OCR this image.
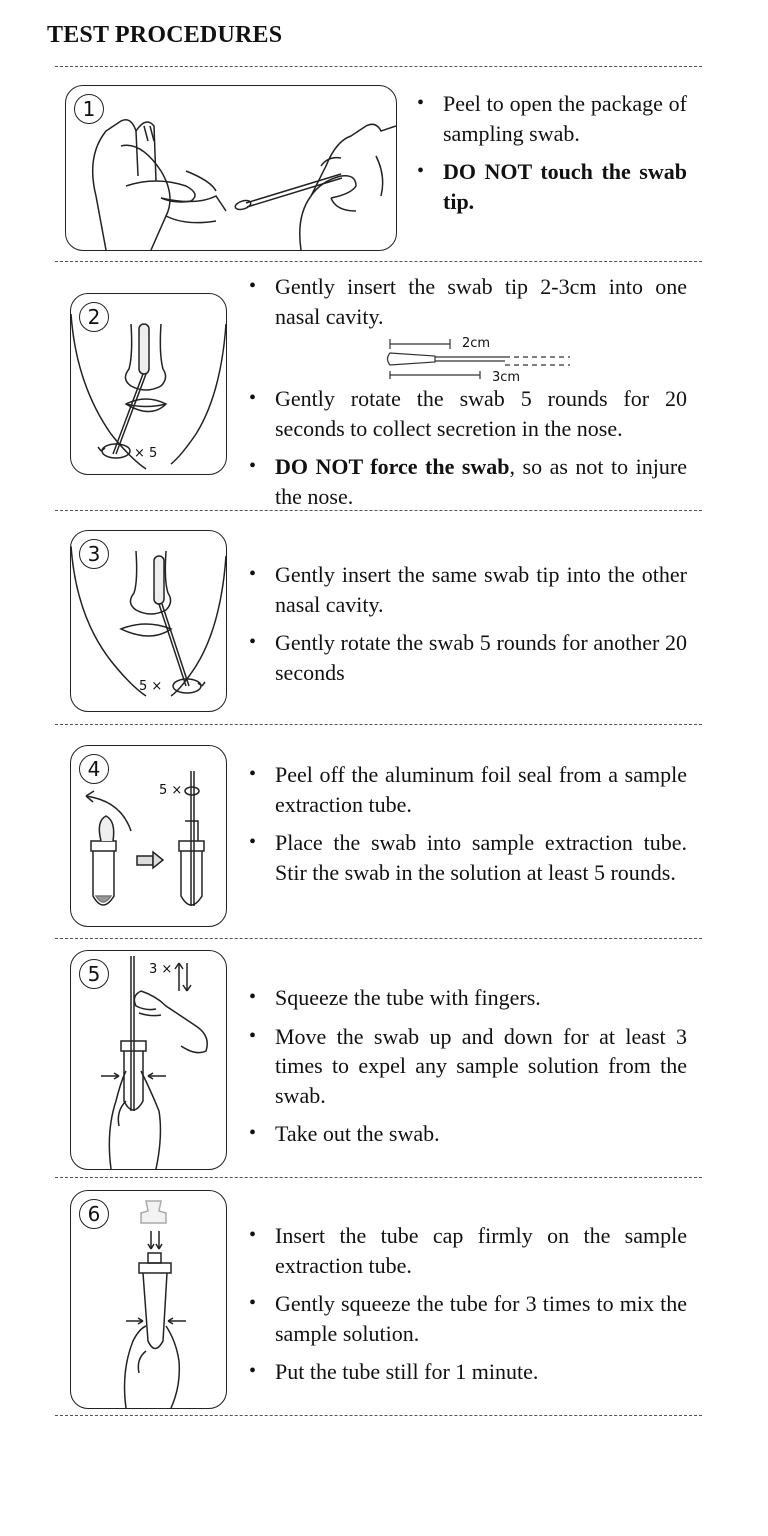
TEST PROCEDURES
1
•	Peel to open the package of sampling swab.
• DO NOT touch the swab tip.
2
× 5
• Gently insert the swab tip 2-3cm into one nasal cavity.
2cm
3cm
• Gently rotate the swab 5 rounds for 20 seconds to collect secretion in the nose.
• DO NOT force the swab, so as not to injure the nose.
3
5 ×
• Gently insert the same swab tip into the other nasal cavity.
• Gently rotate the swab 5 rounds for another 20 seconds
4
5 ×
• Peel off the aluminum foil seal from a sample extraction tube.
• Place the swab into sample extraction tube. Stir the swab in the solution at least 5 rounds.
5	3 ×
• Squeeze the tube with fingers.
• Move the swab up and down for at least 3 times to expel any sample solution from the swab.
• Take out the swab.
6
• Insert the tube cap firmly on the sample extraction tube.
• Gently squeeze the tube for 3 times to mix the sample solution.
• Put the tube still for 1 minute.
